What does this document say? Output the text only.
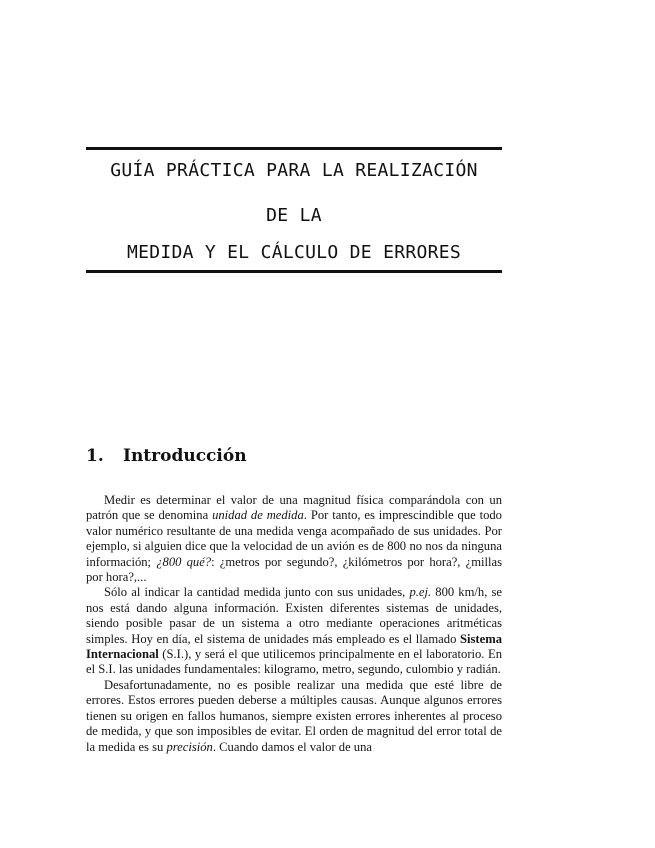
GUÍA PRÁCTICA PARA LA REALIZACIÓN
DE LA
MEDIDA Y EL CÁLCULO DE ERRORES
1. Introducción

Medir es determinar el valor de una magnitud física comparándola con un patrón que se denomina unidad de medida. Por tanto, es imprescindible que todo valor numérico resultante de una medida venga acompañado de sus unidades. Por ejemplo, si alguien dice que la velocidad de un avión es de 800 no nos da ninguna información; ¿800 qué?: ¿metros por segundo?, ¿kilómetros por hora?, ¿millas por hora?,...

Sólo al indicar la cantidad medida junto con sus unidades, p.ej. 800 km/h, se nos está dando alguna información. Existen diferentes sistemas de unidades, siendo posible pasar de un sistema a otro mediante operaciones aritméticas simples. Hoy en día, el sistema de unidades más empleado es el llamado Sistema Internacional (S.I.), y será el que utilicemos principalmente en el laboratorio. En el S.I. las unidades fundamentales: kilogramo, metro, segundo, culombio y radián.

Desafortunadamente, no es posible realizar una medida que esté libre de errores. Estos errores pueden deberse a múltiples causas. Aunque algunos errores tienen su origen en fallos humanos, siempre existen errores inherentes al proceso de medida, y que son imposibles de evitar. El orden de magnitud del error total de la medida es su precisión. Cuando damos el valor de una
